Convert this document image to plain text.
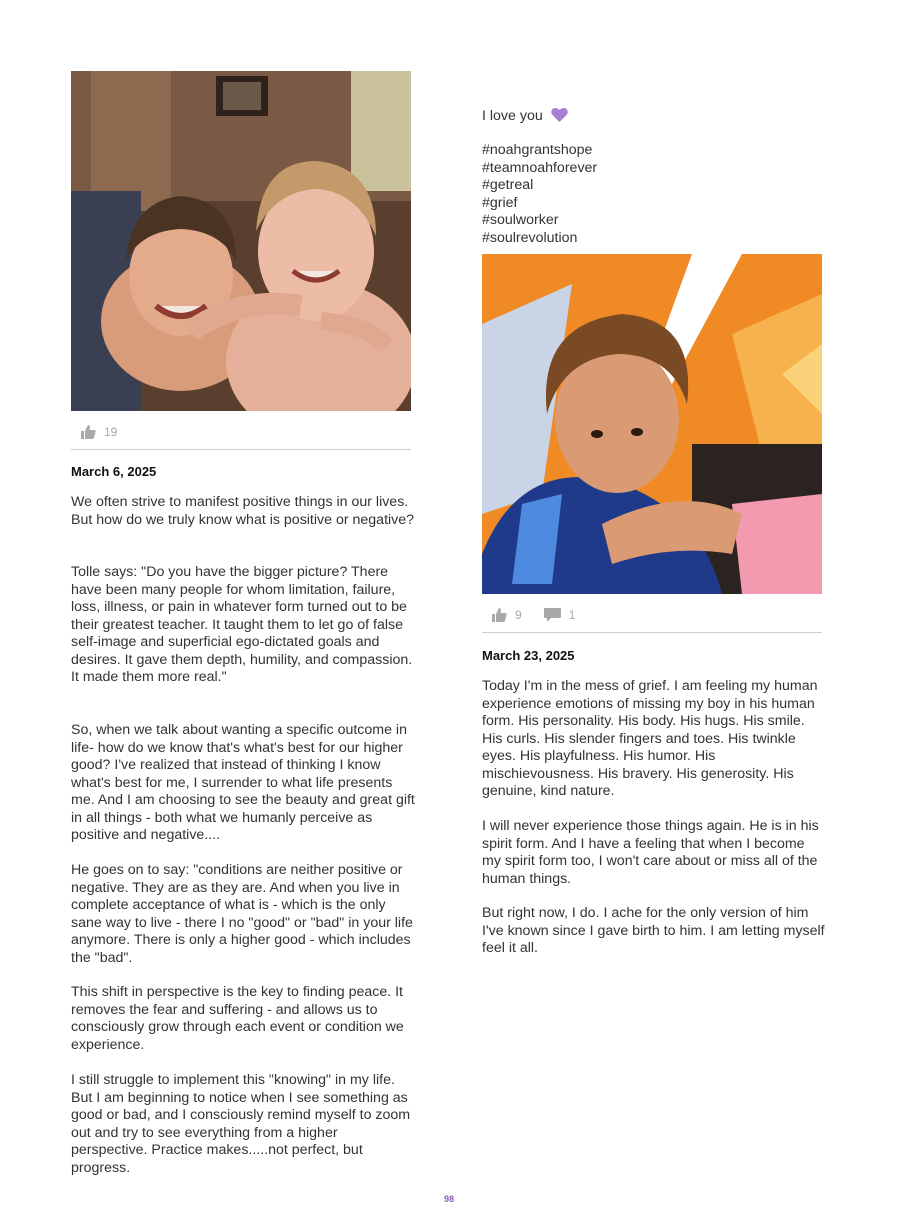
19
March 6, 2025

We often strive to manifest positive things in our lives. But how do we truly know what is positive or negative?

Tolle says: "Do you have the bigger picture? There have been many people for whom limitation, failure, loss, illness, or pain in whatever form turned out to be their greatest teacher. It taught them to let go of false self-image and superficial ego-dictated goals and desires. It gave them depth, humility, and compassion. It made them more real."

So, when we talk about wanting a specific outcome in life- how do we know that's what's best for our higher good? I've realized that instead of thinking I know what's best for me, I surrender to what life presents me. And I am choosing to see the beauty and great gift in all things - both what we humanly perceive as positive and negative....

He goes on to say: "conditions are neither positive or negative. They are as they are. And when you live in complete acceptance of what is - which is the only sane way to live - there I no "good" or "bad" in your life anymore. There is only a higher good - which includes the "bad".

This shift in perspective is the key to finding peace. It removes the fear and suffering - and allows us to consciously grow through each event or condition we experience.

I still struggle to implement this "knowing" in my life. But I am beginning to notice when I see something as good or bad, and I consciously remind myself to zoom out and try to see everything from a higher perspective. Practice makes.....not perfect, but progress.

I love you
#noahgrantshope
#teamnoahforever
#getreal
#grief
#soulworker
#soulrevolution
9	1
March 23, 2025

Today I'm in the mess of grief. I am feeling my human experience emotions of missing my boy in his human form. His personality. His body. His hugs. His smile. His curls. His slender fingers and toes. His twinkle eyes. His playfulness. His humor. His mischievousness. His bravery. His generosity. His genuine, kind nature.

I will never experience those things again. He is in his spirit form. And I have a feeling that when I become my spirit form too, I won't care about or miss all of the human things.

But right now, I do. I ache for the only version of him I've known since I gave birth to him. I am letting myself feel it all.

98
